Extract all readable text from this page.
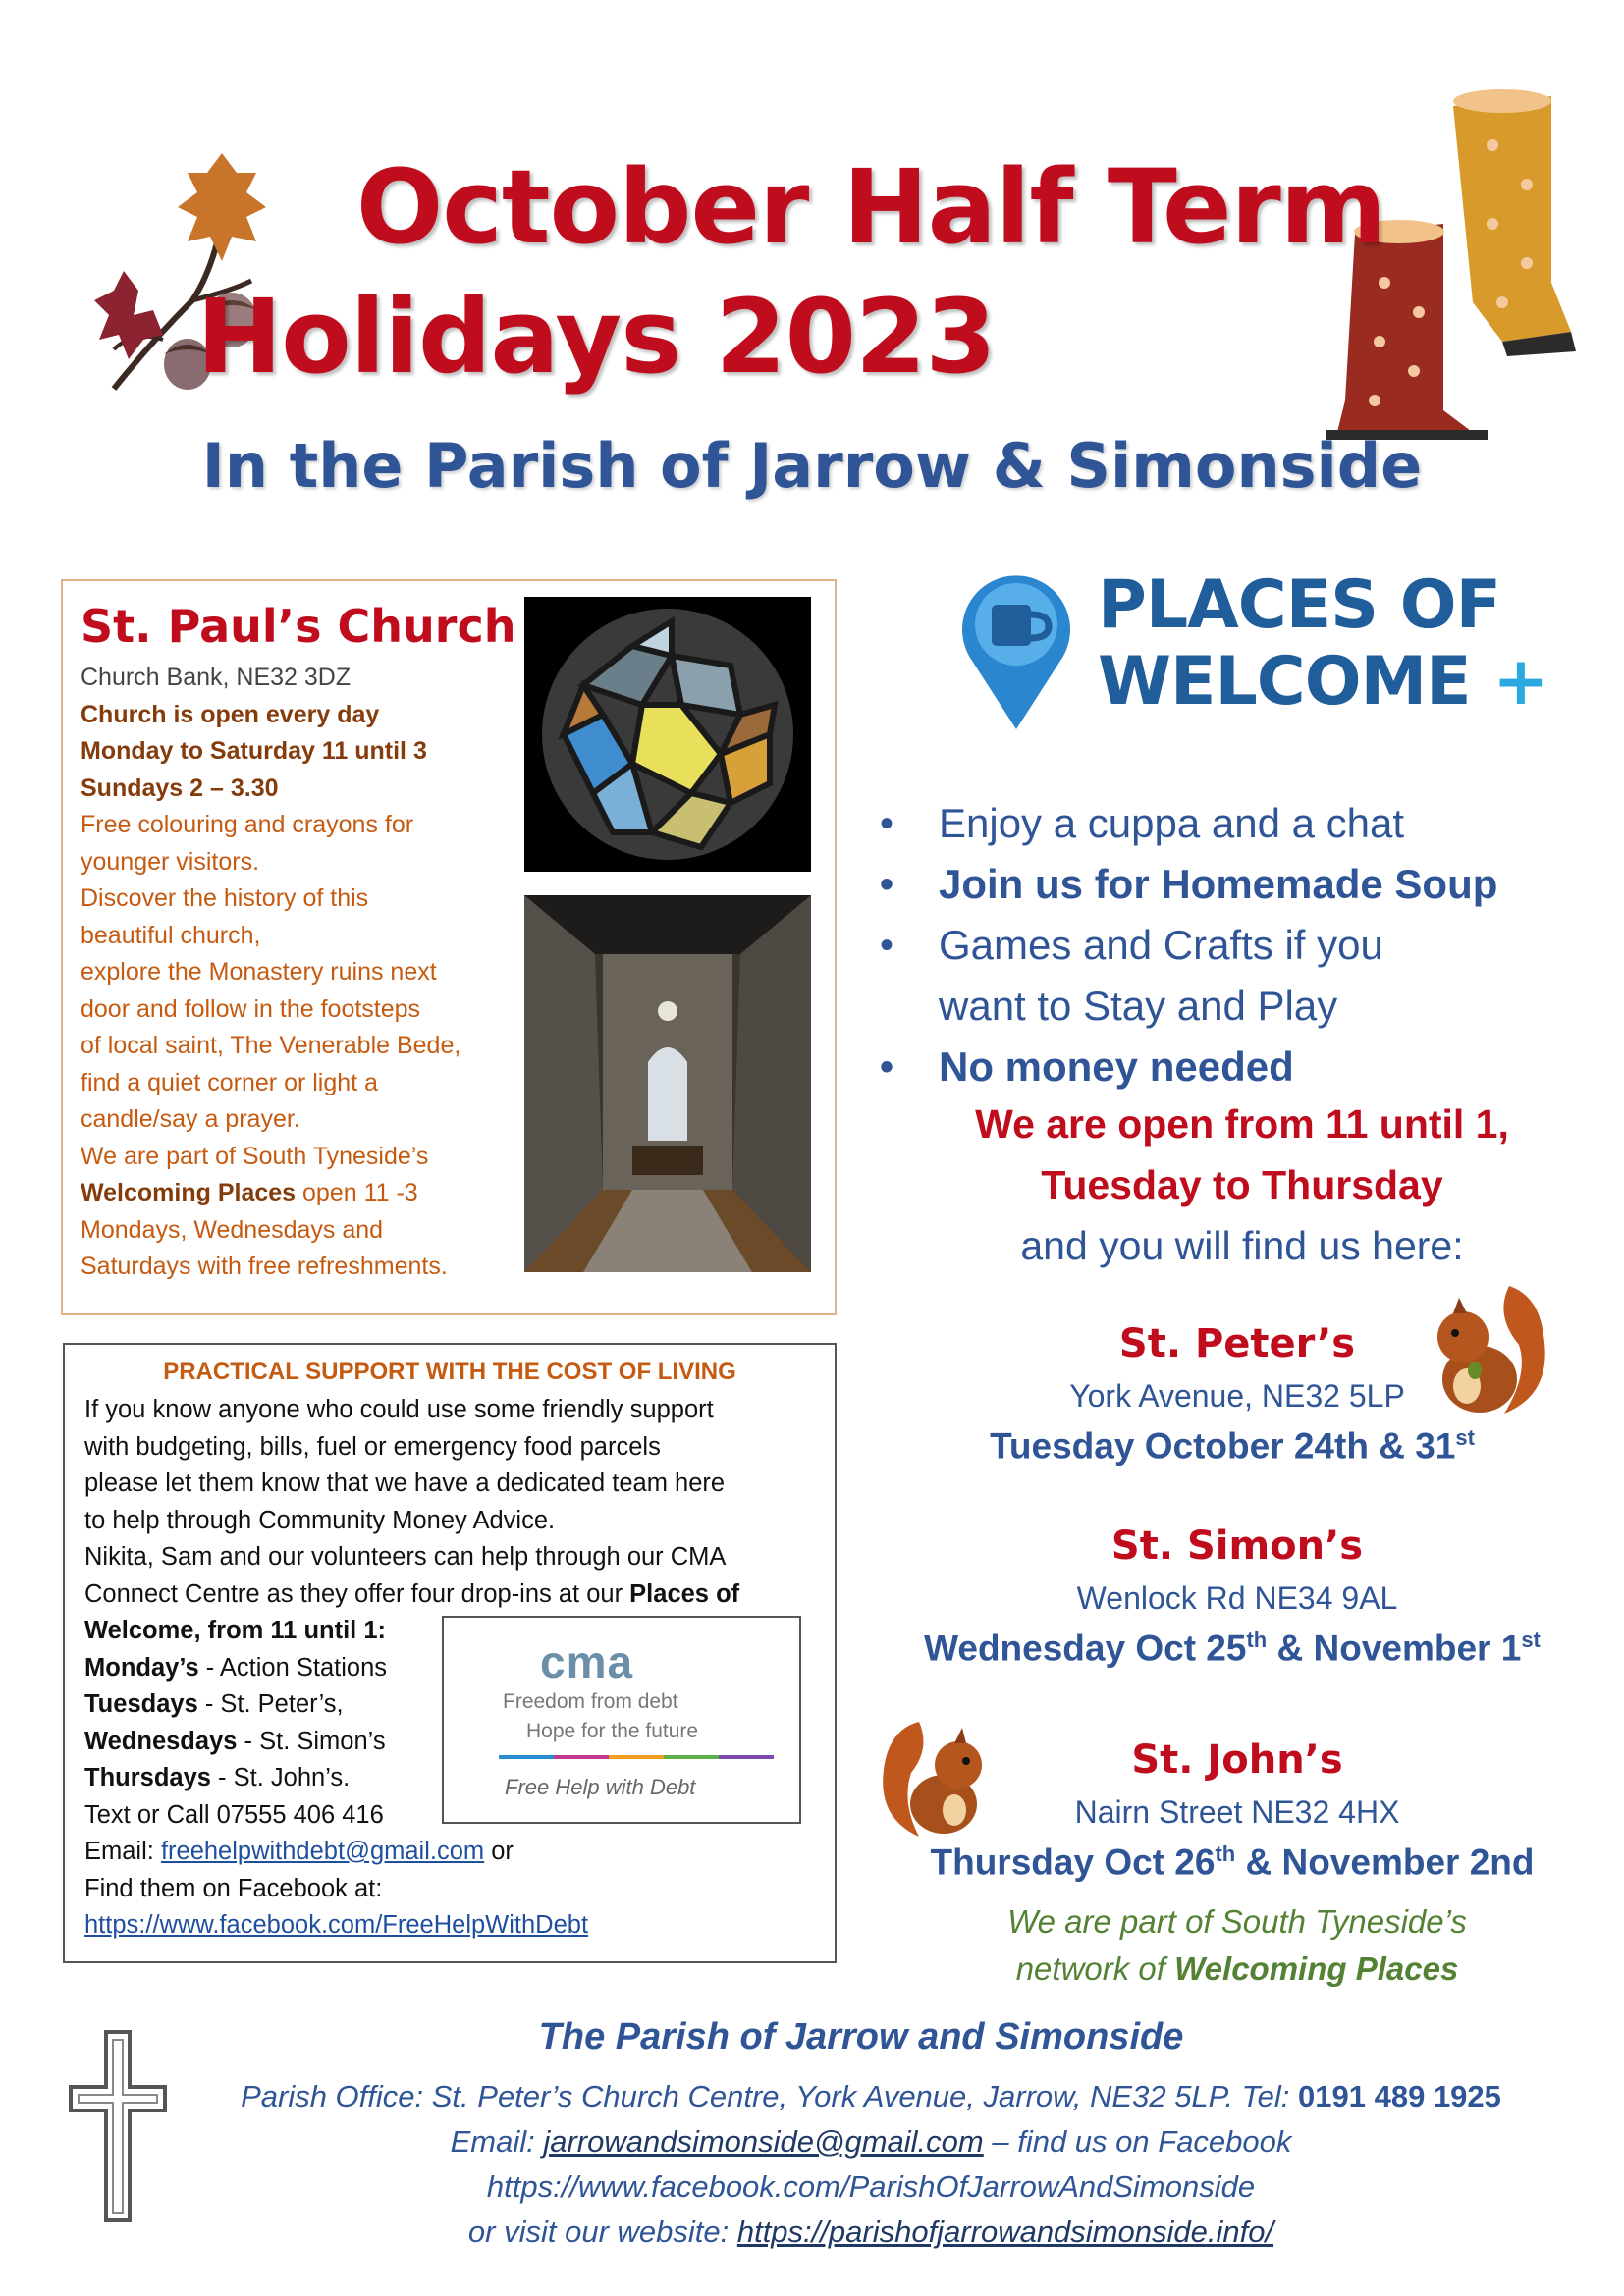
October Half Term
Holidays 2023
In the Parish of Jarrow & Simonside
St. Paul’s Church
Church Bank, NE32 3DZ
Church is open every day
Monday to Saturday 11 until 3
Sundays 2 – 3.30
Free colouring and crayons for
younger visitors.
Discover the history of this
beautiful church,
explore the Monastery ruins next
door and follow in the footsteps
of local saint, The Venerable Bede,
find a quiet corner or light a
candle/say a prayer.
We are part of South Tyneside’s
Welcoming Places open 11 -3
Mondays, Wednesdays and
Saturdays with free refreshments.
PRACTICAL SUPPORT WITH THE COST OF LIVING
If you know anyone who could use some friendly support
with budgeting, bills, fuel or emergency food parcels
please let them know that we have a dedicated team here
to help through Community Money Advice.
Nikita, Sam and our volunteers can help through our CMA
Connect Centre as they offer four drop-ins at our Places of
Welcome, from 11 until 1:
Monday’s - Action Stations
Tuesdays - St. Peter’s,
Wednesdays - St. Simon’s
Thursdays - St. John’s.
Text or Call 07555 406 416
Email: freehelpwithdebt@gmail.com or
Find them on Facebook at:
https://www.facebook.com/FreeHelpWithDebt
cma
Freedom from debt
Hope for the future
Free Help with Debt
PLACES OF
WELCOME +
• Enjoy a cuppa and a chat
• Join us for Homemade Soup
• Games and Crafts if you
want to Stay and Play
• No money needed
We are open from 11 until 1,
Tuesday to Thursday
and you will find us here:
St. Peter’s
York Avenue, NE32 5LP
Tuesday October 24th & 31st
St. Simon’s
Wenlock Rd NE34 9AL
Wednesday Oct 25th & November 1st
St. John’s
Nairn Street NE32 4HX
Thursday Oct 26th & November 2nd
We are part of South Tyneside’s
network of Welcoming Places
The Parish of Jarrow and Simonside
Parish Office: St. Peter’s Church Centre, York Avenue, Jarrow, NE32 5LP. Tel: 0191 489 1925
Email: jarrowandsimonside@gmail.com – find us on Facebook
https://www.facebook.com/ParishOfJarrowAndSimonside
or visit our website: https://parishofjarrowandsimonside.info/
